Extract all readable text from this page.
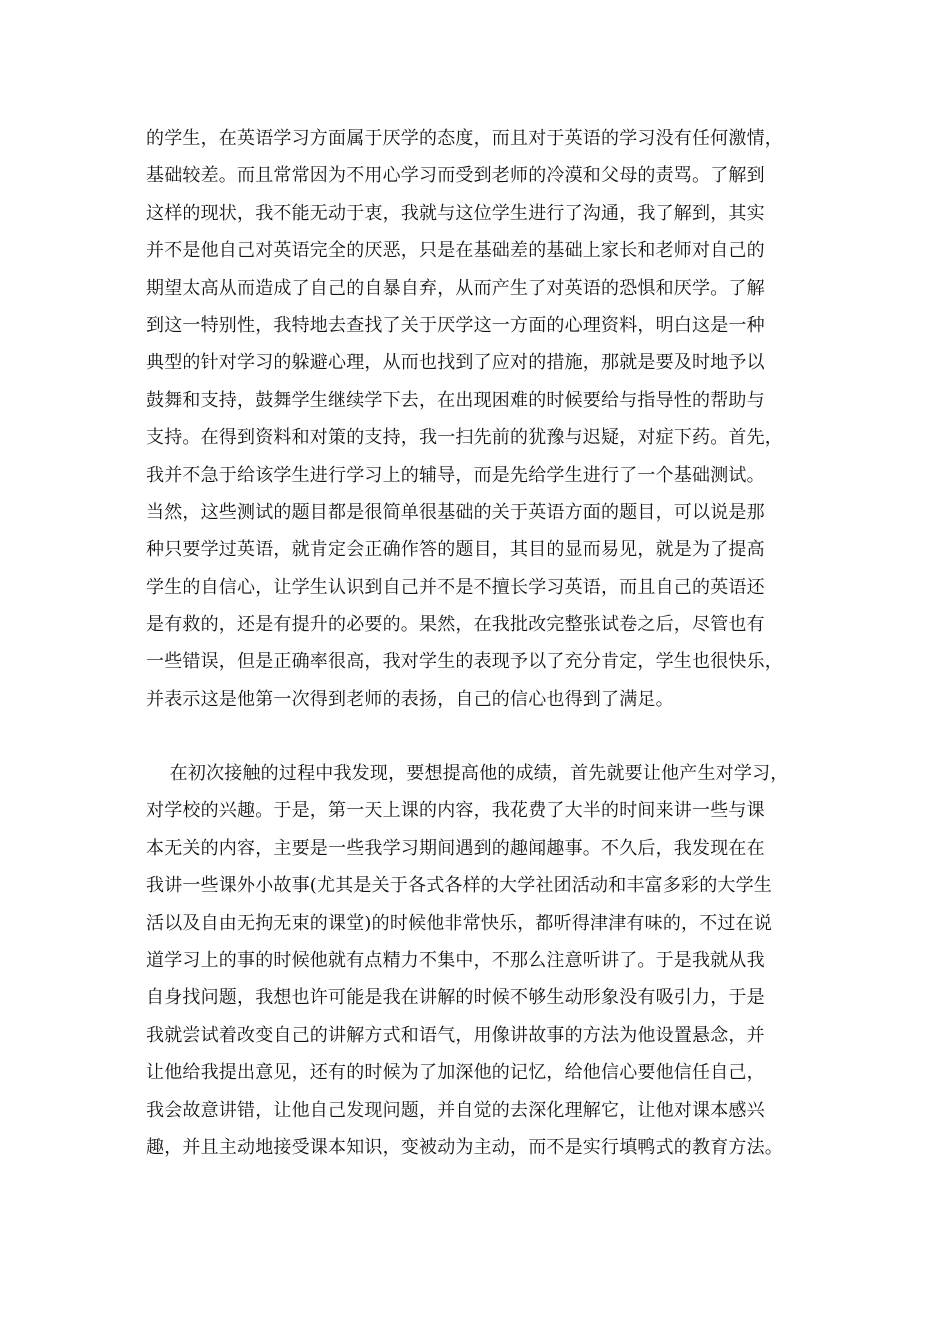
的学生，在英语学习方面属于厌学的态度，而且对于英语的学习没有任何激情，
基础较差。而且常常因为不用心学习而受到老师的冷漠和父母的责骂。了解到
这样的现状，我不能无动于衷，我就与这位学生进行了沟通，我了解到，其实
并不是他自己对英语完全的厌恶，只是在基础差的基础上家长和老师对自己的
期望太高从而造成了自己的自暴自弃，从而产生了对英语的恐惧和厌学。了解
到这一特别性，我特地去查找了关于厌学这一方面的心理资料，明白这是一种
典型的针对学习的躲避心理，从而也找到了应对的措施，那就是要及时地予以
鼓舞和支持，鼓舞学生继续学下去，在出现困难的时候要给与指导性的帮助与
支持。在得到资料和对策的支持，我一扫先前的犹豫与迟疑，对症下药。首先，
我并不急于给该学生进行学习上的辅导，而是先给学生进行了一个基础测试。
当然，这些测试的题目都是很简单很基础的关于英语方面的题目，可以说是那
种只要学过英语，就肯定会正确作答的题目，其目的显而易见，就是为了提高
学生的自信心，让学生认识到自己并不是不擅长学习英语，而且自己的英语还
是有救的，还是有提升的必要的。果然，在我批改完整张试卷之后，尽管也有
一些错误，但是正确率很高，我对学生的表现予以了充分肯定，学生也很快乐，
并表示这是他第一次得到老师的表扬，自己的信心也得到了满足。
在初次接触的过程中我发现，要想提高他的成绩，首先就要让他产生对学习，
对学校的兴趣。于是，第一天上课的内容，我花费了大半的时间来讲一些与课
本无关的内容，主要是一些我学习期间遇到的趣闻趣事。不久后，我发现在在
我讲一些课外小故事(尤其是关于各式各样的大学社团活动和丰富多彩的大学生
活以及自由无拘无束的课堂)的时候他非常快乐，都听得津津有味的，不过在说
道学习上的事的时候他就有点精力不集中，不那么注意听讲了。于是我就从我
自身找问题，我想也许可能是我在讲解的时候不够生动形象没有吸引力，于是
我就尝试着改变自己的讲解方式和语气，用像讲故事的方法为他设置悬念，并
让他给我提出意见，还有的时候为了加深他的记忆，给他信心要他信任自己，
我会故意讲错，让他自己发现问题，并自觉的去深化理解它，让他对课本感兴
趣，并且主动地接受课本知识，变被动为主动，而不是实行填鸭式的教育方法。
